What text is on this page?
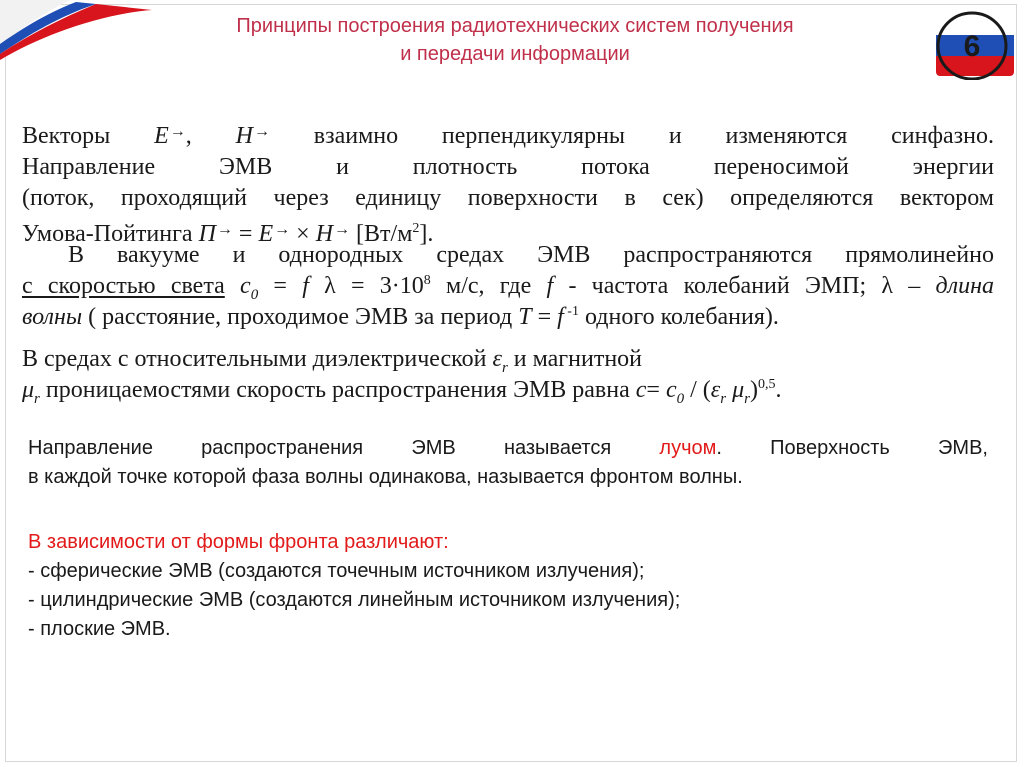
6
Принципы построения радиотехнических систем получения
и передачи информации
Векторы E→, H→ взаимно перпендикулярны и изменяются синфазно.
Направление ЭМВ и плотность потока переносимой энергии
(поток, проходящий через единицу поверхности в сек) определяются вектором
Умова-Пойтинга П→ = E→ × H→ $[Вт/м^2]$.
В вакууме и однородных средах ЭМВ распространяются прямолинейно
с скоростью света $с_0 = f$ $\lambda = 3\cdot 10^8$ м/с, где f - частота колебаний ЭМП; λ – длина
волны ( расстояние, проходимое ЭМВ за период T = f $^{-1}$ одного колебания).
В средах с относительными диэлектрической $\varepsilon_r$ и магнитной
$\mu_r$ проницаемостями скорость распространения ЭМВ равна $c= c_0 / (\varepsilon_r$ $\mu_r)^{0,5}$.
Направление распространения ЭМВ называется лучом. Поверхность ЭМВ,
в каждой точке которой фаза волны одинакова, называется фронтом волны.
В зависимости от формы фронта различают:
- сферические ЭМВ (создаются точечным источником излучения);
- цилиндрические ЭМВ (создаются линейным источником излучения);
- плоские ЭМВ.
